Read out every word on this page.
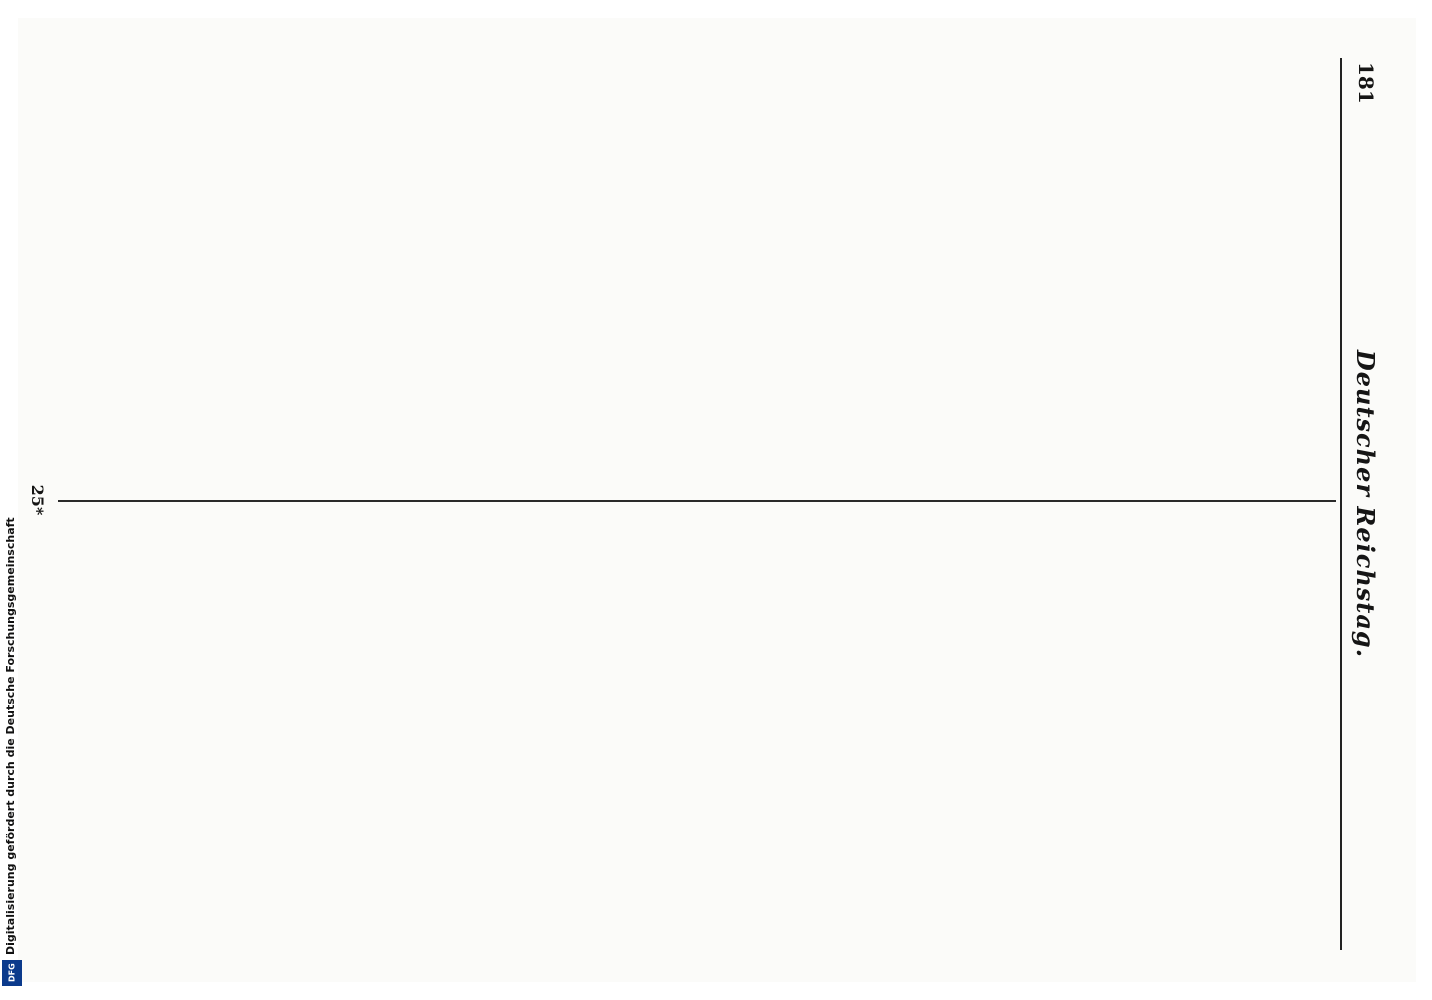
181
Deutscher Reichstag.
25*
Digitalisierung gefördert durch die Deutsche Forschungsgemeinschaft
DFG
